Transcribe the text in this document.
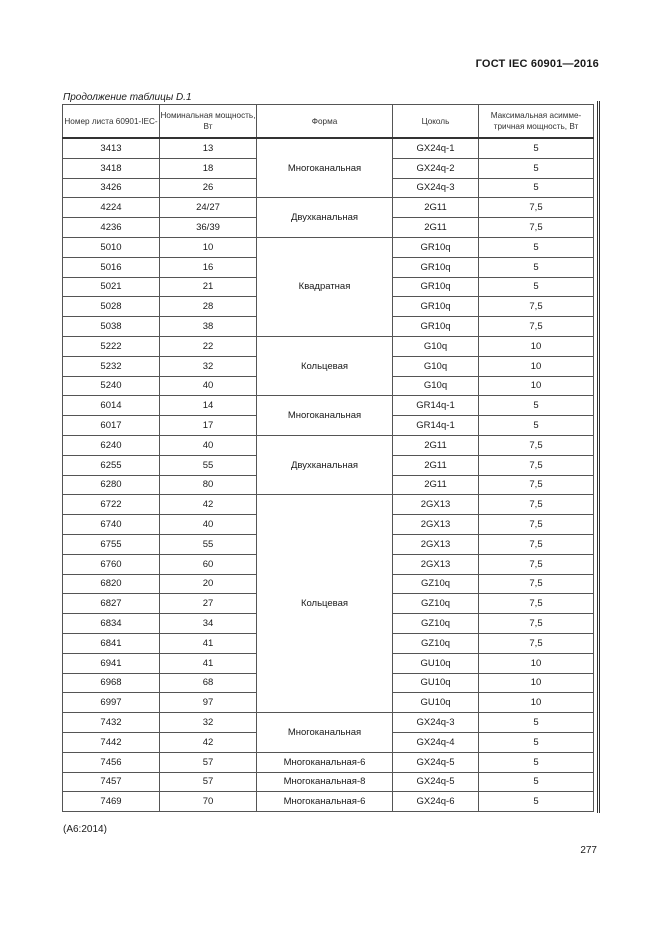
ГОСТ IEC 60901—2016
Продолжение таблицы D.1
Номер листа 60901-IEC-	Номинальная мощность, Вт	Форма	Цоколь	Максимальная асимме-тричная мощность, Вт
3413	13	Многоканальная	GX24q-1	5
3418	18		GX24q-2	5
3426	26		GX24q-3	5
4224	24/27	Двухканальная	2G11	7,5
4236	36/39		2G11	7,5
5010	10	Квадратная	GR10q	5
5016	16		GR10q	5
5021	21		GR10q	5
5028	28		GR10q	7,5
5038	38		GR10q	7,5
5222	22	Кольцевая	G10q	10
5232	32		G10q	10
5240	40		G10q	10
6014	14	Многоканальная	GR14q-1	5
6017	17		GR14q-1	5
6240	40	Двухканальная	2G11	7,5
6255	55		2G11	7,5
6280	80		2G11	7,5
6722	42	Кольцевая	2GX13	7,5
6740	40		2GX13	7,5
6755	55		2GX13	7,5
6760	60		2GX13	7,5
6820	20		GZ10q	7,5
6827	27		GZ10q	7,5
6834	34		GZ10q	7,5
6841	41		GZ10q	7,5
6941	41		GU10q	10
6968	68		GU10q	10
6997	97		GU10q	10
7432	32	Многоканальная	GX24q-3	5
7442	42		GX24q-4	5
7456	57	Многоканальная-6	GX24q-5	5
7457	57	Многоканальная-8	GX24q-5	5
7469	70	Многоканальная-6	GX24q-6	5
(А6:2014)
277
